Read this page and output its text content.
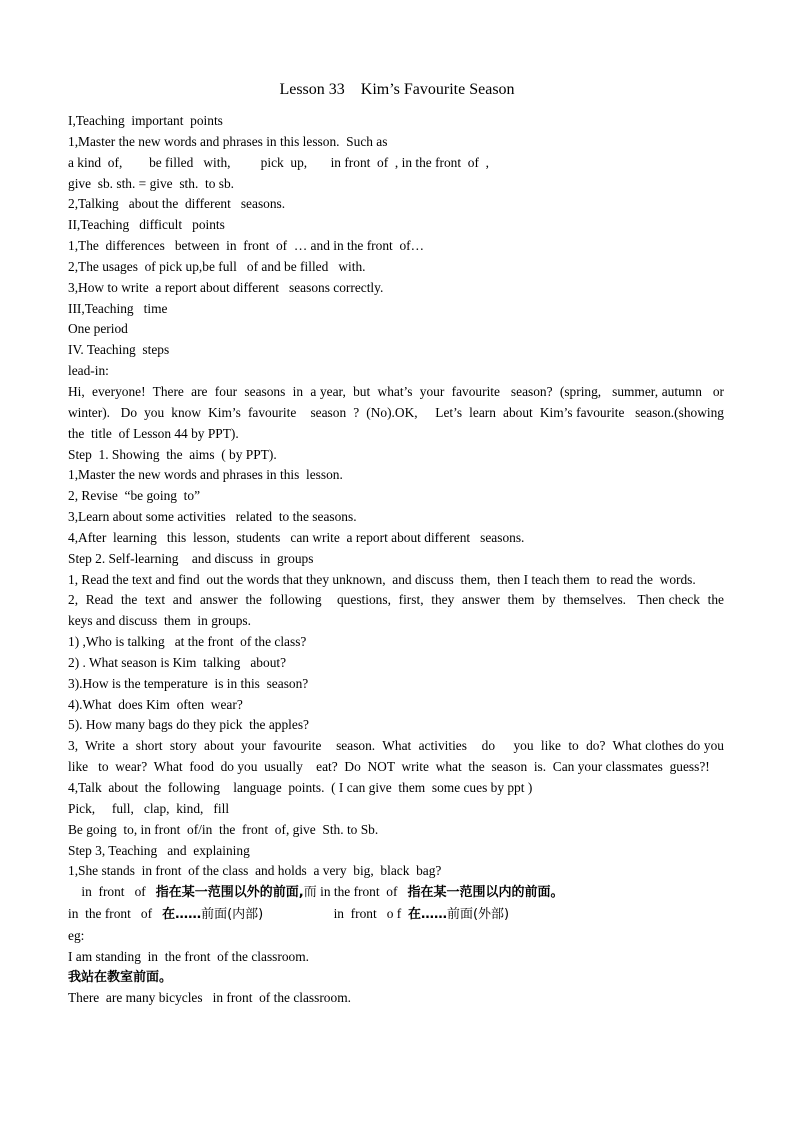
Lesson 33    Kim’s Favourite Season

I,Teaching  important  points

1,Master the new words and phrases in this lesson.  Such as

a kind  of,        be filled   with,         pick  up,       in front  of  , in the front  of  ,

give  sb. sth. = give  sth.  to sb.

2,Talking   about the  different   seasons.

II,Teaching   difficult   points

1,The  differences   between  in  front  of  … and in the front  of…

2,The usages  of pick up,be full   of and be filled   with.

3,How to write  a report about different   seasons correctly.

III,Teaching   time

One period

IV. Teaching  steps

lead-in:

Hi,  everyone!  There  are  four  seasons  in  a year,  but  what’s  your  favourite   season?  (spring,   summer, autumn   or  winter).   Do  you  know  Kim’s  favourite    season  ?  (No).OK,     Let’s  learn  about  Kim’s favourite   season.(showing   the  title  of Lesson 44 by PPT).

Step  1. Showing  the  aims  ( by PPT).

1,Master the new words and phrases in this  lesson.

2, Revise  “be going  to”

3,Learn about some activities   related  to the seasons.

4,After  learning   this  lesson,  students   can write  a report about different   seasons.

Step 2. Self-learning    and discuss  in  groups

1, Read the text and find  out the words that they unknown,  and discuss  them,  then I teach them  to read the  words.

2,  Read  the  text  and  answer  the  following    questions,  first,  they  answer  them  by  themselves.   Then check  the keys and discuss  them  in groups.

1) ,Who is talking   at the front  of the class?

2) . What season is Kim  talking   about?

3).How is the temperature  is in this  season?

4).What  does Kim  often  wear?

5). How many bags do they pick  the apples?

3,  Write  a  short  story  about  your  favourite    season.  What  activities    do     you  like  to  do?  What clothes do you     like   to  wear?  What  food  do you  usually    eat?  Do  NOT  write  what  the  season  is.  Can your classmates  guess?!

4,Talk  about  the  following    language  points.  ( I can give  them  some cues by ppt )

Pick,     full,   clap,  kind,   fill

Be going  to, in front  of/in  the  front  of, give  Sth. to Sb.

Step 3, Teaching   and  explaining

1,She stands  in front  of the class  and holds  a very  big,  black  bag?

in  front   of   指在某一范围以外的前面,而 in the front  of   指在某一范围以内的前面。

in  the front   of   在……前面(内部)                     in  front   o f  在……前面(外部)

eg:

I am standing  in  the front  of the classroom.

我站在教室前面。

There  are many bicycles   in front  of the classroom.
